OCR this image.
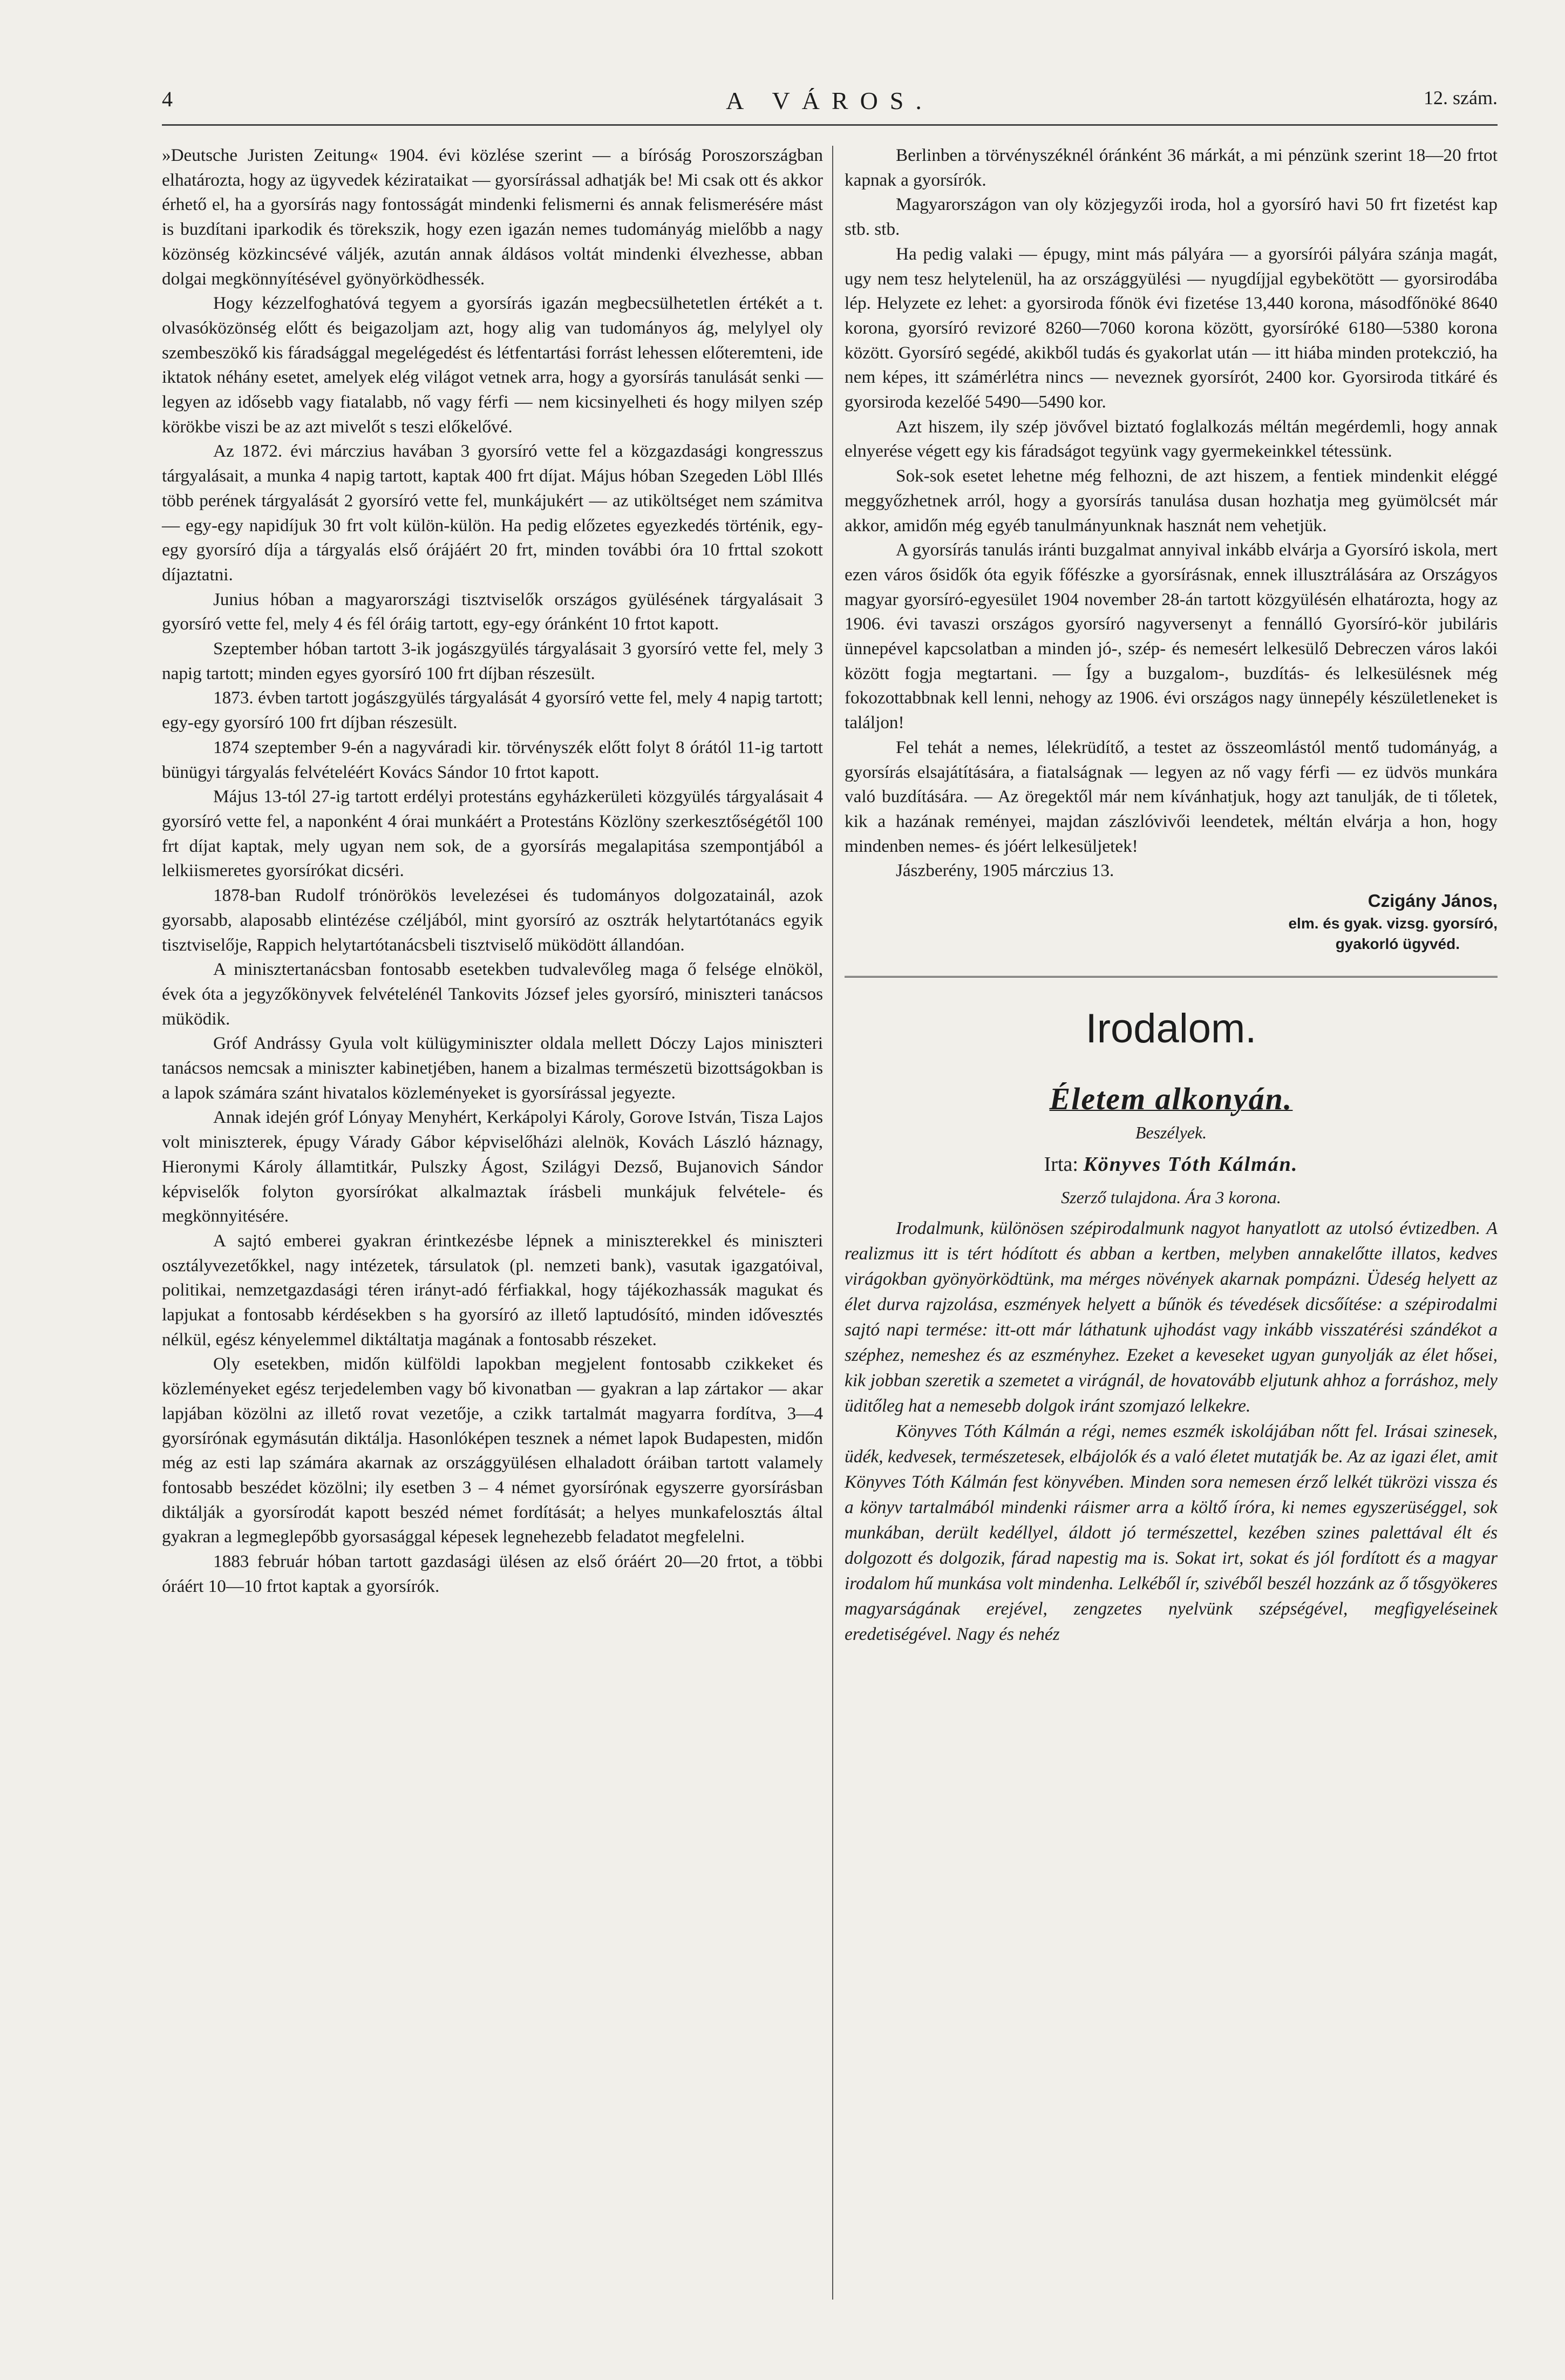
4	A VÁROS.	12. szám.

»Deutsche Juristen Zeitung« 1904. évi közlése szerint — a bíróság Poroszországban elhatározta, hogy az ügyvedek kézirataikat — gyorsírással adhatják be! Mi csak ott és akkor érhető el, ha a gyorsírás nagy fontosságát mindenki felismerni és annak felismerésére mást is buzdítani iparkodik és törekszik, hogy ezen igazán nemes tudományág mielőbb a nagy közönség közkincsévé váljék, azután annak áldásos voltát mindenki élvezhesse, abban dolgai megkönnyítésével gyönyörködhessék.

Hogy kézzelfoghatóvá tegyem a gyorsírás igazán megbecsülhetetlen értékét a t. olvasóközönség előtt és beigazoljam azt, hogy alig van tudományos ág, melylyel oly szembeszökő kis fáradsággal megelégedést és létfentartási forrást lehessen előteremteni, ide iktatok néhány esetet, amelyek elég világot vetnek arra, hogy a gyorsírás tanulását senki — legyen az idősebb vagy fiatalabb, nő vagy férfi — nem kicsinyelheti és hogy milyen szép körökbe viszi be az azt mivelőt s teszi előkelővé.

Az 1872. évi márczius havában 3 gyorsíró vette fel a közgazdasági kongresszus tárgyalásait, a munka 4 napig tartott, kaptak 400 frt díjat. Május hóban Szegeden Löbl Illés több perének tárgyalását 2 gyorsíró vette fel, munkájukért — az utiköltséget nem számitva — egy-egy napidíjuk 30 frt volt külön-külön. Ha pedig előzetes egyezkedés történik, egy-egy gyorsíró díja a tárgyalás első órájáért 20 frt, minden további óra 10 frttal szokott díjaztatni.

Junius hóban a magyarországi tisztviselők országos gyülésének tárgyalásait 3 gyorsíró vette fel, mely 4 és fél óráig tartott, egy-egy óránként 10 frtot kapott.

Szeptember hóban tartott 3-ik jogászgyülés tárgyalásait 3 gyorsíró vette fel, mely 3 napig tartott; minden egyes gyorsíró 100 frt díjban részesült.

1873. évben tartott jogászgyülés tárgyalását 4 gyorsíró vette fel, mely 4 napig tartott; egy-egy gyorsíró 100 frt díjban részesült.

1874 szeptember 9-én a nagyváradi kir. törvényszék előtt folyt 8 órától 11-ig tartott bünügyi tárgyalás felvételéért Kovács Sándor 10 frtot kapott.

Május 13-tól 27-ig tartott erdélyi protestáns egyházkerületi közgyülés tárgyalásait 4 gyorsíró vette fel, a naponként 4 órai munkáért a Protestáns Közlöny szerkesztőségétől 100 frt díjat kaptak, mely ugyan nem sok, de a gyorsírás megalapitása szempontjából a lelkiismeretes gyorsírókat dicséri.

1878-ban Rudolf trónörökös levelezései és tudományos dolgozatainál, azok gyorsabb, alaposabb elintézése czéljából, mint gyorsíró az osztrák helytartótanács egyik tisztviselője, Rappich helytartótanácsbeli tisztviselő müködött állandóan.

A minisztertanácsban fontosabb esetekben tudvalevőleg maga ő felsége elnököl, évek óta a jegyzőkönyvek felvételénél Tankovits József jeles gyorsíró, miniszteri tanácsos müködik.

Gróf Andrássy Gyula volt külügyminiszter oldala mellett Dóczy Lajos miniszteri tanácsos nemcsak a miniszter kabinetjében, hanem a bizalmas természetü bizottságokban is a lapok számára szánt hivatalos közleményeket is gyorsírással jegyezte.

Annak idején gróf Lónyay Menyhért, Kerkápolyi Károly, Gorove István, Tisza Lajos volt miniszterek, épugy Várady Gábor képviselőházi alelnök, Kovách László háznagy, Hieronymi Károly államtitkár, Pulszky Ágost, Szilágyi Dezső, Bujanovich Sándor képviselők folyton gyorsírókat alkalmaztak írásbeli munkájuk felvétele- és megkönnyitésére.

A sajtó emberei gyakran érintkezésbe lépnek a miniszterekkel és miniszteri osztályvezetőkkel, nagy intézetek, társulatok (pl. nemzeti bank), vasutak igazgatóival, politikai, nemzetgazdasági téren irányt-adó férfiakkal, hogy tájékozhassák magukat és lapjukat a fontosabb kérdésekben s ha gyorsíró az illető laptudósító, minden idővesztés nélkül, egész kényelemmel diktáltatja magának a fontosabb részeket.

Oly esetekben, midőn külföldi lapokban megjelent fontosabb czikkeket és közleményeket egész terjedelemben vagy bő kivonatban — gyakran a lap zártakor — akar lapjában közölni az illető rovat vezetője, a czikk tartalmát magyarra fordítva, 3—4 gyorsírónak egymásután diktálja. Hasonlóképen tesznek a német lapok Budapesten, midőn még az esti lap számára akarnak az országgyülésen elhaladott óráiban tartott valamely fontosabb beszédet közölni; ily esetben 3 – 4 német gyorsírónak egyszerre gyorsírásban diktálják a gyorsírodát kapott beszéd német fordítását; a helyes munkafelosztás által gyakran a legmeglepőbb gyorsasággal képesek legnehezebb feladatot megfelelni.

1883 február hóban tartott gazdasági ülésen az első óráért 20—20 frtot, a többi óráért 10—10 frtot kaptak a gyorsírók.

Berlinben a törvényszéknél óránként 36 márkát, a mi pénzünk szerint 18—20 frtot kapnak a gyorsírók.

Magyarországon van oly közjegyzői iroda, hol a gyorsíró havi 50 frt fizetést kap stb. stb.

Ha pedig valaki — épugy, mint más pályára — a gyorsírói pályára szánja magát, ugy nem tesz helytelenül, ha az országgyülési — nyugdíjjal egybekötött — gyorsirodába lép. Helyzete ez lehet: a gyorsiroda főnök évi fizetése 13,440 korona, másodfőnöké 8640 korona, gyorsíró revizoré 8260—7060 korona között, gyorsíróké 6180—5380 korona között. Gyorsíró segédé, akikből tudás és gyakorlat után — itt hiába minden protekczió, ha nem képes, itt számérlétra nincs — neveznek gyorsírót, 2400 kor. Gyorsiroda titkáré és gyorsiroda kezelőé 5490—5490 kor.

Azt hiszem, ily szép jövővel biztató foglalkozás méltán megérdemli, hogy annak elnyerése végett egy kis fáradságot tegyünk vagy gyermekeinkkel tétessünk.

Sok-sok esetet lehetne még felhozni, de azt hiszem, a fentiek mindenkit eléggé meggyőzhetnek arról, hogy a gyorsírás tanulása dusan hozhatja meg gyümölcsét már akkor, amidőn még egyéb tanulmányunknak hasznát nem vehetjük.

A gyorsírás tanulás iránti buzgalmat annyival inkább elvárja a Gyorsíró iskola, mert ezen város ősidők óta egyik főfészke a gyorsírásnak, ennek illusztrálására az Országyos magyar gyorsíró-egyesület 1904 november 28-án tartott közgyülésén elhatározta, hogy az 1906. évi tavaszi országos gyorsíró nagyversenyt a fennálló Gyorsíró-kör jubiláris ünnepével kapcsolatban a minden jó-, szép- és nemesért lelkesülő Debreczen város lakói között fogja megtartani. — Így a buzgalom-, buzdítás- és lelkesülésnek még fokozottabbnak kell lenni, nehogy az 1906. évi országos nagy ünnepély készületleneket is találjon!

Fel tehát a nemes, lélekrüdítő, a testet az összeomlástól mentő tudományág, a gyorsírás elsajátítására, a fiatalságnak — legyen az nő vagy férfi — ez üdvös munkára való buzdítására. — Az öregektől már nem kívánhatjuk, hogy azt tanulják, de ti tőletek, kik a hazának reményei, majdan zászlóvivői leendetek, méltán elvárja a hon, hogy mindenben nemes- és jóért lelkesüljetek!

Jászberény, 1905 márczius 13.

Czigány János,
elm. és gyak. vizsg. gyorsíró,
gyakorló ügyvéd.
Irodalom.
Életem alkonyán.
Beszélyek.
Irta: Könyves Tóth Kálmán.
Szerző tulajdona. Ára 3 korona.

Irodalmunk, különösen szépirodalmunk nagyot hanyatlott az utolsó évtizedben. A realizmus itt is tért hódított és abban a kertben, melyben annakelőtte illatos, kedves virágokban gyönyörködtünk, ma mérges növények akarnak pompázni. Üdeség helyett az élet durva rajzolása, eszmények helyett a bűnök és tévedések dicsőítése: a szépirodalmi sajtó napi termése: itt-ott már láthatunk ujhodást vagy inkább visszatérési szándékot a széphez, nemeshez és az eszményhez. Ezeket a keveseket ugyan gunyolják az élet hősei, kik jobban szeretik a szemetet a virágnál, de hovatovább eljutunk ahhoz a forráshoz, mely üditőleg hat a nemesebb dolgok iránt szomjazó lelkekre.

Könyves Tóth Kálmán a régi, nemes eszmék iskolájában nőtt fel. Irásai szinesek, üdék, kedvesek, természetesek, elbájolók és a való életet mutatják be. Az az igazi élet, amit Könyves Tóth Kálmán fest könyvében. Minden sora nemesen érző lelkét tükrözi vissza és a könyv tartalmából mindenki ráismer arra a költő íróra, ki nemes egyszerüséggel, sok munkában, derült kedéllyel, áldott jó természettel, kezében szines palettával élt és dolgozott és dolgozik, fárad napestig ma is. Sokat irt, sokat és jól fordított és a magyar irodalom hű munkása volt mindenha. Lelkéből ír, szivéből beszél hozzánk az ő tősgyökeres magyarságának erejével, zengzetes nyelvünk szépségével, megfigyeléseinek eredetiségével. Nagy és nehéz
